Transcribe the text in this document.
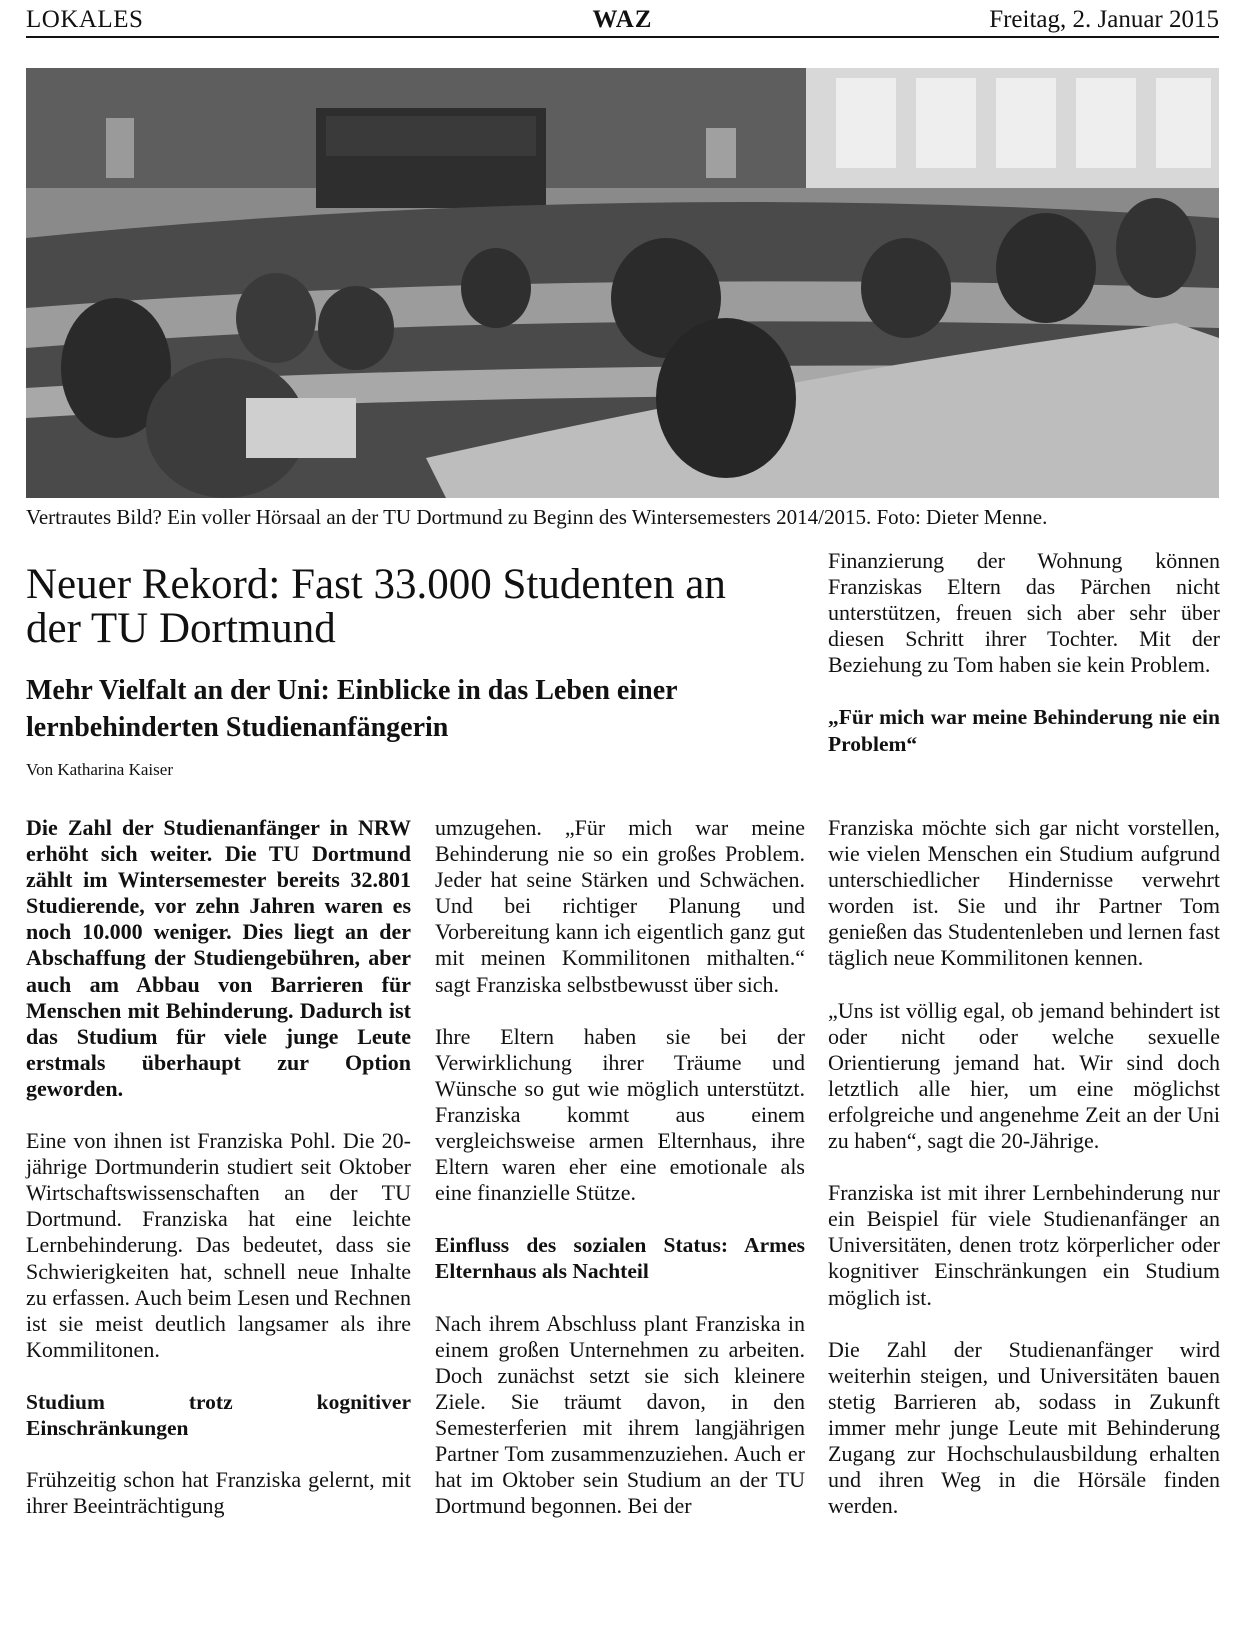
LOKALES	WAZ	Freitag, 2. Januar 2015
Vertrautes Bild? Ein voller Hörsaal an der TU Dortmund zu Beginn des Wintersemesters 2014/2015. Foto: Dieter Menne.
Neuer Rekord: Fast 33.000 Studenten an der TU Dortmund
Mehr Vielfalt an der Uni: Einblicke in das Leben einer lernbehinderten Studienanfängerin
Von Katharina Kaiser

Die Zahl der Studienanfänger in NRW erhöht sich weiter. Die TU Dortmund zählt im Wintersemester bereits 32.801 Studierende, vor zehn Jahren waren es noch 10.000 weniger. Dies liegt an der Abschaffung der Studiengebühren, aber auch am Abbau von Barrieren für Menschen mit Behinderung. Dadurch ist das Studium für viele junge Leute erstmals überhaupt zur Option geworden.

Eine von ihnen ist Franziska Pohl. Die 20-jährige Dortmunderin studiert seit Oktober Wirtschaftswissenschaften an der TU Dortmund. Franziska hat eine leichte Lernbehinderung. Das bedeutet, dass sie Schwierigkeiten hat, schnell neue Inhalte zu erfassen. Auch beim Lesen und Rechnen ist sie meist deutlich langsamer als ihre Kommilitonen.

Studium trotz kognitiver Einschränkungen

Frühzeitig schon hat Franziska gelernt, mit ihrer Beeinträchtigung

umzugehen. „Für mich war meine Behinderung nie so ein großes Problem. Jeder hat seine Stärken und Schwächen. Und bei richtiger Planung und Vorbereitung kann ich eigentlich ganz gut mit meinen Kommilitonen mithalten.“ sagt Franziska selbstbewusst über sich.

Ihre Eltern haben sie bei der Verwirklichung ihrer Träume und Wünsche so gut wie möglich unterstützt. Franziska kommt aus einem vergleichsweise armen Elternhaus, ihre Eltern waren eher eine emotionale als eine finanzielle Stütze.

Einfluss des sozialen Status: Armes Elternhaus als Nachteil

Nach ihrem Abschluss plant Franziska in einem großen Unternehmen zu arbeiten. Doch zunächst setzt sie sich kleinere Ziele. Sie träumt davon, in den Semesterferien mit ihrem langjährigen Partner Tom zusammenzuziehen. Auch er hat im Oktober sein Studium an der TU Dortmund begonnen. Bei der

Finanzierung der Wohnung können Franziskas Eltern das Pärchen nicht unterstützen, freuen sich aber sehr über diesen Schritt ihrer Tochter. Mit der Beziehung zu Tom haben sie kein Problem.

„Für mich war meine Behinderung nie ein Problem“

Franziska möchte sich gar nicht vorstellen, wie vielen Menschen ein Studium aufgrund unterschiedlicher Hindernisse verwehrt worden ist. Sie und ihr Partner Tom genießen das Studentenleben und lernen fast täglich neue Kommilitonen kennen.

„Uns ist völlig egal, ob jemand behindert ist oder nicht oder welche sexuelle Orientierung jemand hat. Wir sind doch letztlich alle hier, um eine möglichst erfolgreiche und angenehme Zeit an der Uni zu haben“, sagt die 20-Jährige.

Franziska ist mit ihrer Lernbehinderung nur ein Beispiel für viele Studienanfänger an Universitäten, denen trotz körperlicher oder kognitiver Einschränkungen ein Studium möglich ist.

Die Zahl der Studienanfänger wird weiterhin steigen, und Universitäten bauen stetig Barrieren ab, sodass in Zukunft immer mehr junge Leute mit Behinderung Zugang zur Hochschulausbildung erhalten und ihren Weg in die Hörsäle finden werden.
